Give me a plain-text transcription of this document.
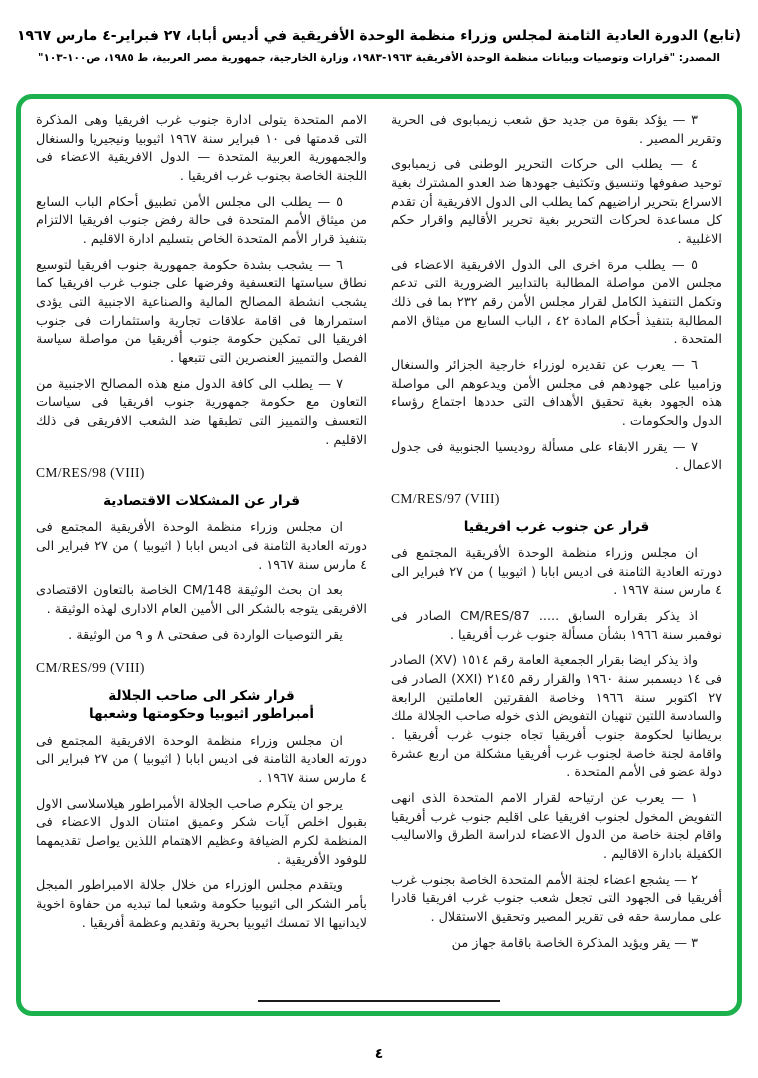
(تابع) الدورة العادية الثامنة لمجلس وزراء منظمة الوحدة الأفريقية في أديس أبابا، ٢٧ فبراير-٤ مارس ١٩٦٧
المصدر: "قرارات وتوصيات وبيانات منظمة الوحدة الأفريقية ١٩٦٣-١٩٨٣، وزارة الخارجية، جمهورية مصر العربية، ط ١٩٨٥، ص١٠٠-١٠٣"

٣ — يؤكد بقوة من جديد حق شعب زيمبابوى فى الحرية وتقرير المصير .

٤ — يطلب الى حركات التحرير الوطنى فى زيمبابوى توحيد صفوفها وتنسيق وتكثيف جهودها ضد العدو المشترك بغية الاسراع بتحرير اراضيهم كما يطلب الى الدول الافريقية أن تقدم كل مساعدة لحركات التحرير بغية تحرير الأقاليم واقرار حكم الاغلبية .

٥ — يطلب مرة اخرى الى الدول الافريقية الاعضاء فى مجلس الامن مواصلة المطالبة بالتدابير الضرورية التى تدعم وتكمل التنفيذ الكامل لقرار مجلس الأمن رقم ٢٣٢ بما فى ذلك المطالبة بتنفيذ أحكام المادة ٤٢ ، الباب السابع من ميثاق الامم المتحدة .

٦ — يعرب عن تقديره لوزراء خارجية الجزائر والسنغال وزامبيا على جهودهم فى مجلس الأمن ويدعوهم الى مواصلة هذه الجهود بغية تحقيق الأهداف التى حددها اجتماع رؤساء الدول والحكومات .

٧ — يقرر الابقاء على مسألة روديسيا الجنوبية فى جدول الاعمال .

CM/RES/97 (VIII)
قرار عن جنوب غرب افريقيا

ان مجلس وزراء منظمة الوحدة الأفريقية المجتمع فى دورته العادية الثامنة فى اديس ابابا ( اثيوبيا ) من ٢٧ فبراير الى ٤ مارس سنة ١٩٦٧ .

اذ يذكر بقراره السابق ..... CM/RES/87 الصادر فى نوفمبر سنة ١٩٦٦ بشأن مسألة جنوب غرب أفريقيا .

واذ يذكر ايضا بقرار الجمعية العامة رقم ١٥١٤ (XV) الصادر فى ١٤ ديسمبر سنة ١٩٦٠ والقرار رقم ٢١٤٥ (XXI) الصادر فى ٢٧ اكتوبر سنة ١٩٦٦ وخاصة الفقرتين العاملتين الرابعة والسادسة اللتين تنهيان التفويض الذى خوله صاحب الجلالة ملك بريطانيا لحكومة جنوب أفريقيا تجاه جنوب غرب أفريقيا . واقامة لجنة خاصة لجنوب غرب أفريقيا مشكلة من اربع عشرة دولة عضو فى الأمم المتحدة .

١ — يعرب عن ارتياحه لقرار الامم المتحدة الذى انهى التفويض المخول لجنوب افريقيا على اقليم جنوب غرب أفريقيا واقام لجنة خاصة من الدول الاعضاء لدراسة الطرق والاساليب الكفيلة بادارة الاقاليم .

٢ — يشجع اعضاء لجنة الأمم المتحدة الخاصة بجنوب غرب أفريقيا فى الجهود التى تجعل شعب جنوب غرب افريقيا قادرا على ممارسة حقه فى تقرير المصير وتحقيق الاستقلال .

٣ — يقر ويؤيد المذكرة الخاصة باقامة جهاز من

الامم المتحدة يتولى ادارة جنوب غرب افريقيا وهى المذكرة التى قدمتها فى ١٠ فبراير سنة ١٩٦٧ اثيوبيا ونيجيريا والسنغال والجمهورية العربية المتحدة — الدول الافريقية الاعضاء فى اللجنة الخاصة بجنوب غرب افريقيا .

٥ — يطلب الى مجلس الأمن تطبيق أحكام الباب السابع من ميثاق الأمم المتحدة فى حالة رفض جنوب افريقيا الالتزام بتنفيذ قرار الأمم المتحدة الخاص بتسليم ادارة الاقليم .

٦ — يشجب بشدة حكومة جمهورية جنوب افريقيا لتوسيع نطاق سياستها التعسفية وفرضها على جنوب غرب افريقيا كما يشجب انشطة المصالح المالية والصناعية الاجنبية التى يؤدى استمرارها فى اقامة علاقات تجارية واستثمارات فى جنوب افريقيا الى تمكين حكومة جنوب أفريقيا من مواصلة سياسة الفصل والتمييز العنصرين التى تتبعها .

٧ — يطلب الى كافة الدول منع هذه المصالح الاجنبية من التعاون مع حكومة جمهورية جنوب افريقيا فى سياسات التعسف والتمييز التى تطبقها ضد الشعب الافريقى فى ذلك الاقليم .

CM/RES/98 (VIII)
قرار عن المشكلات الاقتصادية

ان مجلس وزراء منظمة الوحدة الأفريقية المجتمع فى دورته العادية الثامنة فى اديس ابابا ( اثيوبيا ) من ٢٧ فبراير الى ٤ مارس سنة ١٩٦٧ .

بعد ان بحث الوثيقة CM/148 الخاصة بالتعاون الاقتصادى الافريقى يتوجه بالشكر الى الأمين العام الادارى لهذه الوثيقة .

يقر التوصيات الواردة فى صفحتى ٨ و ٩ من الوثيقة .

CM/RES/99 (VIII)
قرار شكر الى صاحب الجلالة
أمبراطور اثيوبيا وحكومتها وشعبها

ان مجلس وزراء منظمة الوحدة الافريقية المجتمع فى دورته العادية الثامنة فى اديس ابابا ( اثيوبيا ) من ٢٧ فبراير الى ٤ مارس سنة ١٩٦٧ .

يرجو ان يتكرم صاحب الجلالة الأمبراطور هيلاسلاسى الاول بقبول اخلص آيات شكر وعميق امتنان الدول الاعضاء فى المنظمة لكرم الضيافة وعظيم الاهتمام اللذين يواصل تقديمهما للوفود الأفريقية .

ويتقدم مجلس الوزراء من خلال جلالة الامبراطور المبجل بأمر الشكر الى اثيوبيا حكومة وشعبا لما تبديه من حفاوة اخوية لايدانيها الا تمسك اثيوبيا بحرية وتقديم وعظمة أفريقيا .

٤
